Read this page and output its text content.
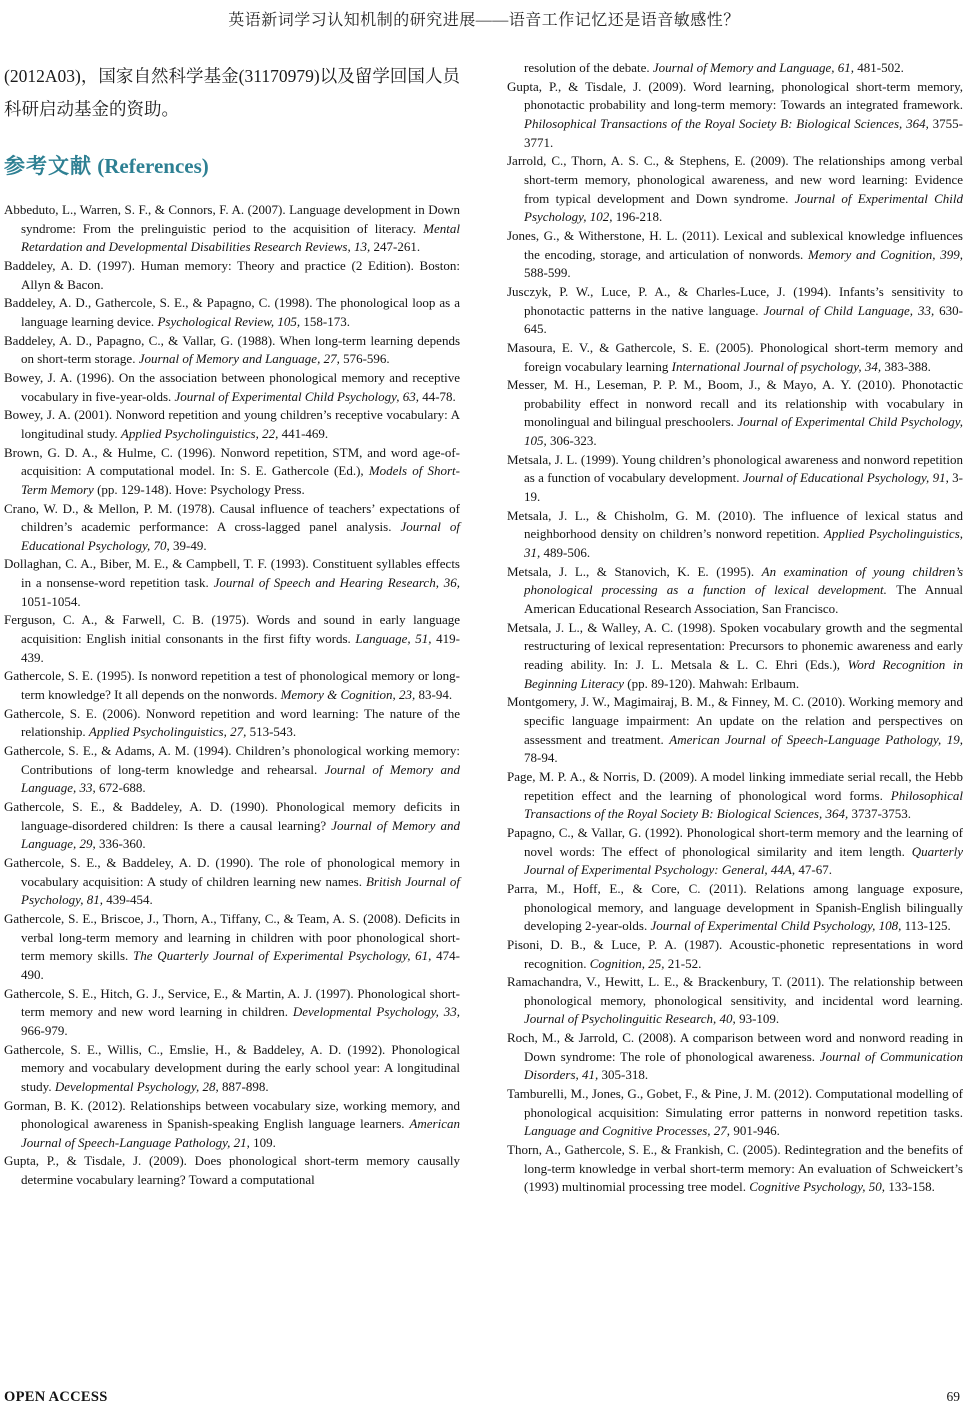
英语新词学习认知机制的研究进展——语音工作记忆还是语音敏感性？

(2012A03)，国家自然科学基金(31170979)以及留学回国人员科研启动基金的资助。

参考文献 (References)

Abbeduto, L., Warren, S. F., & Connors, F. A. (2007). Language development in Down syndrome: From the prelinguistic period to the acquisition of literacy. Mental Retardation and Developmental Disabilities Research Reviews, 13, 247-261.

Baddeley, A. D. (1997). Human memory: Theory and practice (2 Edition). Boston: Allyn & Bacon.

Baddeley, A. D., Gathercole, S. E., & Papagno, C. (1998). The phonological loop as a language learning device. Psychological Review, 105, 158-173.

Baddeley, A. D., Papagno, C., & Vallar, G. (1988). When long-term learning depends on short-term storage. Journal of Memory and Language, 27, 576-596.

Bowey, J. A. (1996). On the association between phonological memory and receptive vocabulary in five-year-olds. Journal of Experimental Child Psychology, 63, 44-78.

Bowey, J. A. (2001). Nonword repetition and young children’s receptive vocabulary: A longitudinal study. Applied Psycholinguistics, 22, 441-469.

Brown, G. D. A., & Hulme, C. (1996). Nonword repetition, STM, and word age-of-acquisition: A computational model. In: S. E. Gathercole (Ed.), Models of Short-Term Memory (pp. 129-148). Hove: Psychology Press.

Crano, W. D., & Mellon, P. M. (1978). Causal influence of teachers’ expectations of children’s academic performance: A cross-lagged panel analysis. Journal of Educational Psychology, 70, 39-49.

Dollaghan, C. A., Biber, M. E., & Campbell, T. F. (1993). Constituent syllables effects in a nonsense-word repetition task. Journal of Speech and Hearing Research, 36, 1051-1054.

Ferguson, C. A., & Farwell, C. B. (1975). Words and sound in early language acquisition: English initial consonants in the first fifty words. Language, 51, 419-439.

Gathercole, S. E. (1995). Is nonword repetition a test of phonological memory or long-term knowledge? It all depends on the nonwords. Memory & Cognition, 23, 83-94.

Gathercole, S. E. (2006). Nonword repetition and word learning: The nature of the relationship. Applied Psycholinguistics, 27, 513-543.

Gathercole, S. E., & Adams, A. M. (1994). Children’s phonological working memory: Contributions of long-term knowledge and rehearsal. Journal of Memory and Language, 33, 672-688.

Gathercole, S. E., & Baddeley, A. D. (1990). Phonological memory deficits in language-disordered children: Is there a causal learning? Journal of Memory and Language, 29, 336-360.

Gathercole, S. E., & Baddeley, A. D. (1990). The role of phonological memory in vocabulary acquisition: A study of children learning new names. British Journal of Psychology, 81, 439-454.

Gathercole, S. E., Briscoe, J., Thorn, A., Tiffany, C., & Team, A. S. (2008). Deficits in verbal long-term memory and learning in children with poor phonological short-term memory skills. The Quarterly Journal of Experimental Psychology, 61, 474-490.

Gathercole, S. E., Hitch, G. J., Service, E., & Martin, A. J. (1997). Phonological short-term memory and new word learning in children. Developmental Psychology, 33, 966-979.

Gathercole, S. E., Willis, C., Emslie, H., & Baddeley, A. D. (1992). Phonological memory and vocabulary development during the early school year: A longitudinal study. Developmental Psychology, 28, 887-898.

Gorman, B. K. (2012). Relationships between vocabulary size, working memory, and phonological awareness in Spanish-speaking English language learners. American Journal of Speech-Language Pathology, 21, 109.

Gupta, P., & Tisdale, J. (2009). Does phonological short-term memory causally determine vocabulary learning? Toward a computational

resolution of the debate. Journal of Memory and Language, 61, 481-502.

Gupta, P., & Tisdale, J. (2009). Word learning, phonological short-term memory, phonotactic probability and long-term memory: Towards an integrated framework. Philosophical Transactions of the Royal Society B: Biological Sciences, 364, 3755-3771.

Jarrold, C., Thorn, A. S. C., & Stephens, E. (2009). The relationships among verbal short-term memory, phonological awareness, and new word learning: Evidence from typical development and Down syndrome. Journal of Experimental Child Psychology, 102, 196-218.

Jones, G., & Witherstone, H. L. (2011). Lexical and sublexical knowledge influences the encoding, storage, and articulation of nonwords. Memory and Cognition, 399, 588-599.

Jusczyk, P. W., Luce, P. A., & Charles-Luce, J. (1994). Infants’s sensitivity to phonotactic patterns in the native language. Journal of Child Language, 33, 630-645.

Masoura, E. V., & Gathercole, S. E. (2005). Phonological short-term memory and foreign vocabulary learning International Journal of psychology, 34, 383-388.

Messer, M. H., Leseman, P. P. M., Boom, J., & Mayo, A. Y. (2010). Phonotactic probability effect in nonword recall and its relationship with vocabulary in monolingual and bilingual preschoolers. Journal of Experimental Child Psychology, 105, 306-323.

Metsala, J. L. (1999). Young children’s phonological awareness and nonword repetition as a function of vocabulary development. Journal of Educational Psychology, 91, 3-19.

Metsala, J. L., & Chisholm, G. M. (2010). The influence of lexical status and neighborhood density on children’s nonword repetition. Applied Psycholinguistics, 31, 489-506.

Metsala, J. L., & Stanovich, K. E. (1995). An examination of young children’s phonological processing as a function of lexical development. The Annual American Educational Research Association, San Francisco.

Metsala, J. L., & Walley, A. C. (1998). Spoken vocabulary growth and the segmental restructuring of lexical representation: Precursors to phonemic awareness and early reading ability. In: J. L. Metsala & L. C. Ehri (Eds.), Word Recognition in Beginning Literacy (pp. 89-120). Mahwah: Erlbaum.

Montgomery, J. W., Magimairaj, B. M., & Finney, M. C. (2010). Working memory and specific language impairment: An update on the relation and perspectives on assessment and treatment. American Journal of Speech-Language Pathology, 19, 78-94.

Page, M. P. A., & Norris, D. (2009). A model linking immediate serial recall, the Hebb repetition effect and the learning of phonological word forms. Philosophical Transactions of the Royal Society B: Biological Sciences, 364, 3737-3753.

Papagno, C., & Vallar, G. (1992). Phonological short-term memory and the learning of novel words: The effect of phonological similarity and item length. Quarterly Journal of Experimental Psychology: General, 44A, 47-67.

Parra, M., Hoff, E., & Core, C. (2011). Relations among language exposure, phonological memory, and language development in Spanish-English bilingually developing 2-year-olds. Journal of Experimental Child Psychology, 108, 113-125.

Pisoni, D. B., & Luce, P. A. (1987). Acoustic-phonetic representations in word recognition. Cognition, 25, 21-52.

Ramachandra, V., Hewitt, L. E., & Brackenbury, T. (2011). The relationship between phonological memory, phonological sensitivity, and incidental word learning. Journal of Psycholinguitic Research, 40, 93-109.

Roch, M., & Jarrold, C. (2008). A comparison between word and nonword reading in Down syndrome: The role of phonological awareness. Journal of Communication Disorders, 41, 305-318.

Tamburelli, M., Jones, G., Gobet, F., & Pine, J. M. (2012). Computational modelling of phonological acquisition: Simulating error patterns in nonword repetition tasks. Language and Cognitive Processes, 27, 901-946.

Thorn, A., Gathercole, S. E., & Frankish, C. (2005). Redintegration and the benefits of long-term knowledge in verbal short-term memory: An evaluation of Schweickert’s (1993) multinomial processing tree model. Cognitive Psychology, 50, 133-158.

OPEN ACCESS	69
